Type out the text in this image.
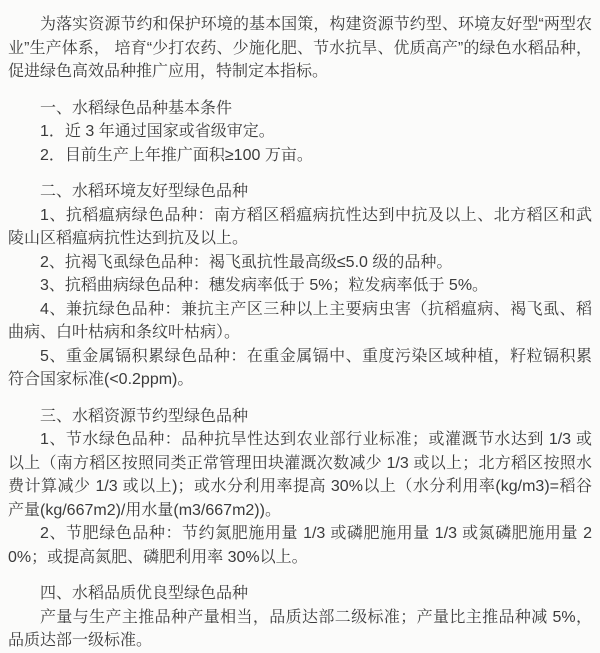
为落实资源节约和保护环境的基本国策，构建资源节约型、环境友好型“两型农业”生产体系， 培育“少打农药、少施化肥、节水抗旱、优质高产”的绿色水稻品种，促进绿色高效品种推广应用，特制定本指标。

一、水稻绿色品种基本条件

1．近 3 年通过国家或省级审定。

2．目前生产上年推广面积≥100 万亩。

二、水稻环境友好型绿色品种

1、抗稻瘟病绿色品种：南方稻区稻瘟病抗性达到中抗及以上、北方稻区和武陵山区稻瘟病抗性达到抗及以上。

2、抗褐飞虱绿色品种：褐飞虱抗性最高级≤5.0 级的品种。

3、抗稻曲病绿色品种：穗发病率低于 5%；粒发病率低于 5%。

4、兼抗绿色品种：兼抗主产区三种以上主要病虫害（抗稻瘟病、褐飞虱、稻曲病、白叶枯病和条纹叶枯病）。

5、重金属镉积累绿色品种：在重金属镉中、重度污染区域种植，籽粒镉积累符合国家标准(<0.2ppm)。

三、水稻资源节约型绿色品种

1、节水绿色品种：品种抗旱性达到农业部行业标准；或灌溉节水达到 1/3 或以上（南方稻区按照同类正常管理田块灌溉次数减少 1/3 或以上；北方稻区按照水费计算减少 1/3 或以上)；或水分利用率提高 30%以上（水分利用率(kg/m3)=稻谷产量(kg/667m2)/用水量(m3/667m2))。

2、节肥绿色品种：节约氮肥施用量 1/3 或磷肥施用量 1/3 或氮磷肥施用量 20%；或提高氮肥、磷肥利用率 30%以上。

四、水稻品质优良型绿色品种

产量与生产主推品种产量相当，品质达部二级标准；产量比主推品种减 5%，品质达部一级标准。
